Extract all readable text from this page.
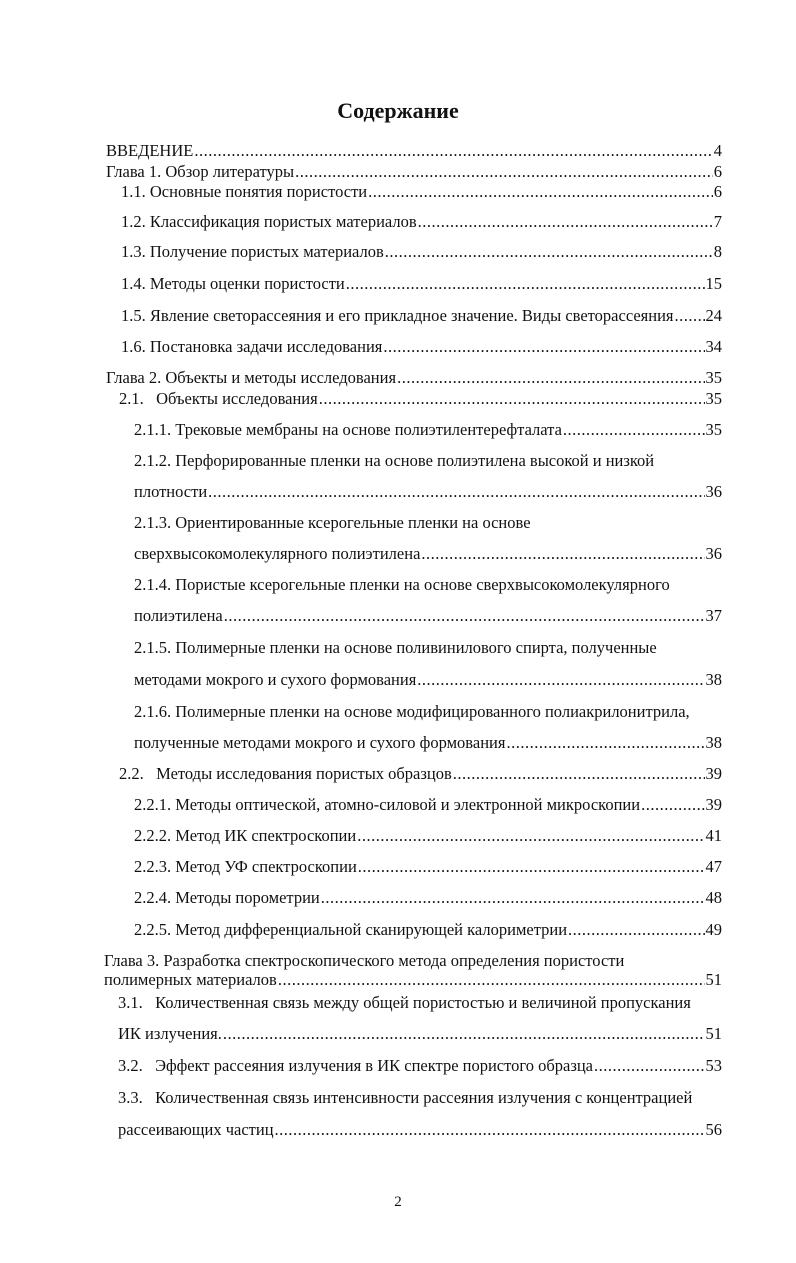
Содержание
ВВЕДЕНИЕ .....	4
Глава 1. Обзор литературы .....	6
1.1. Основные понятия пористости .....	6
1.2. Классификация пористых материалов .....	7
1.3. Получение пористых материалов .....	8
1.4. Методы оценки пористости .....	15
1.5. Явление светорассеяния и его прикладное значение. Виды светорассеяния ..... 24
1.6. Постановка задачи исследования .....	34
Глава 2. Объекты и методы исследования .....	35
2.1.   Объекты исследования .....	35
2.1.1. Трековые мембраны на основе полиэтилентерефталата .....	35
2.1.2. Перфорированные пленки на основе полиэтилена высокой и низкой
плотности .....	36
2.1.3. Ориентированные ксерогельные пленки на основе
сверхвысокомолекулярного полиэтилена .....	36
2.1.4. Пористые ксерогельные пленки на основе сверхвысокомолекулярного
полиэтилена .....	37
2.1.5. Полимерные пленки на основе поливинилового спирта, полученные
методами мокрого и сухого формования .....	38
2.1.6. Полимерные пленки на основе модифицированного полиакрилонитрила,
полученные методами мокрого и сухого формования .....	38
2.2.   Методы исследования пористых образцов .....	39
2.2.1. Методы оптической, атомно-силовой и электронной микроскопии .....	39
2.2.2. Метод ИК спектроскопии .....	41
2.2.3. Метод УФ спектроскопии .....	47
2.2.4. Методы порометрии .....	48
2.2.5. Метод дифференциальной сканирующей калориметрии .....	49
Глава 3. Разработка спектроскопического метода определения пористости
полимерных материалов .....	51
3.1.   Количественная связь между общей пористостью и величиной пропускания
ИК излучения. .....	51
3.2.   Эффект рассеяния излучения в ИК спектре пористого образца .....	53
3.3.   Количественная связь интенсивности рассеяния излучения с концентрацией
рассеивающих частиц .....	56
2
